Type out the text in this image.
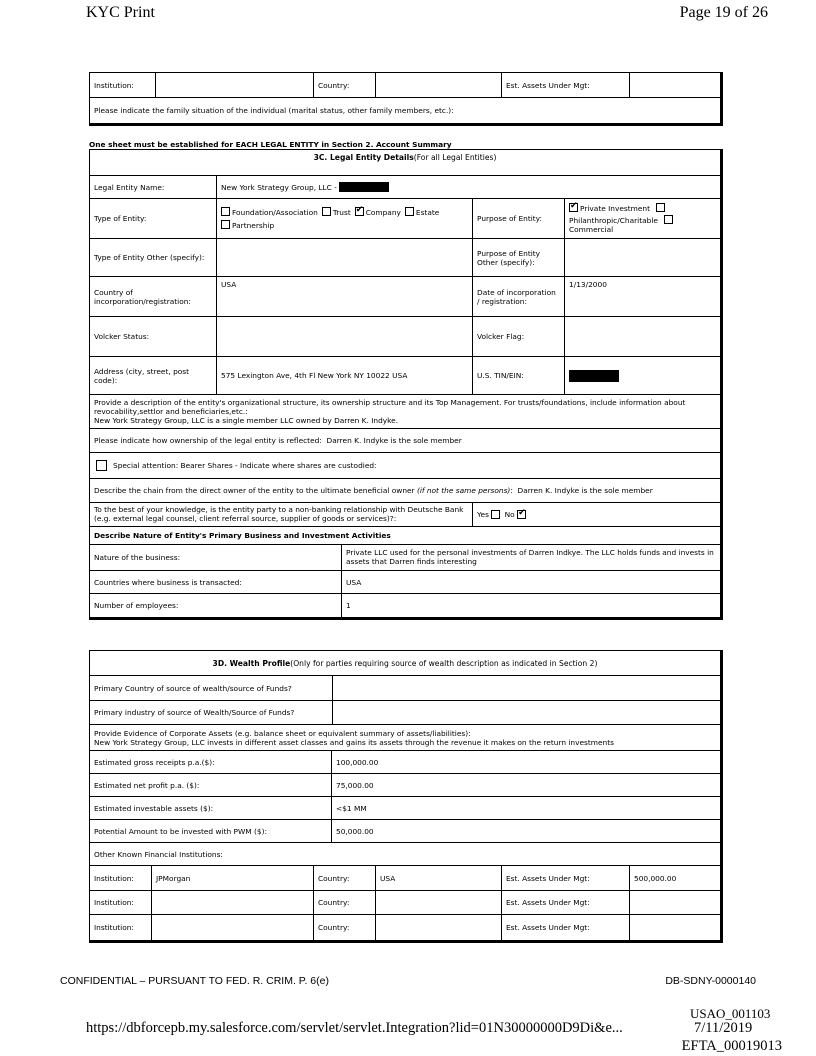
KYC Print	Page 19 of 26
Institution:	Country:	Est. Assets Under Mgt:
Please indicate the family situation of the individual (marital status, other family members, etc.):
One sheet must be established for EACH LEGAL ENTITY in Section 2. Account Summary
3C. Legal Entity Details (For all Legal Entities)
Legal Entity Name:	New York Strategy Group, LLC -

Type of Entity:
Foundation/Association	Trust
✔	Company	Estate
Partnership
Purpose of Entity:
✔Private Investment
Philanthropic/Charitable
Commercial
Type of Entity Other (specify):	Purpose of Entity Other (specify):
Country of incorporation/registration:
USA
Date of incorporation / registration:
1/13/2000
Volcker Status:	Volcker Flag:
Address (city, street, post code):	575 Lexington Ave, 4th Fl New York NY 10022 USA	U.S. TIN/EIN:
Provide a description of the entity's organizational structure, its ownership structure and its Top Management. For trusts/foundations, include information about revocability,settlor and beneficiaries,etc.:
New York Strategy Group, LLC is a single member LLC owned by Darren K. Indyke.
Please indicate how ownership of the legal entity is reflected:
Darren K. Indyke is the sole member
Special attention: Bearer Shares - Indicate where shares are custodied:
Describe the chain from the direct owner of the entity to the ultimate beneficial owner (if not the same persons) :
Darren K. Indyke is the sole member
To the best of your knowledge, is the entity party to a non-banking relationship with Deutsche Bank (e.g. external legal counsel, client referral source, supplier of goods or services)?:	Yes

No

✔
Describe Nature of Entity's Primary Business and Investment Activities
Nature of the business:
Private LLC used for the personal investments of Darren Indkye. The LLC holds funds and invests in assets that Darren finds interesting
Countries where business is transacted:	USA
Number of employees:	1
3D. Wealth Profile (Only for parties requiring source of wealth description as indicated in Section 2)
Primary Country of source of wealth/source of Funds?
Primary industry of source of Wealth/Source of Funds?
Provide Evidence of Corporate Assets (e.g. balance sheet or equivalent summary of assets/liabilities):
New York Strategy Group, LLC invests in different asset classes and gains its assets through the revenue it makes on the return investments
Estimated gross receipts p.a.($):	100,000.00
Estimated net profit p.a. ($):	75,000.00
Estimated investable assets ($):	<$1 MM
Potential Amount to be invested with PWM ($):	50,000.00
Other Known Financial Institutions:
Institution:	JPMorgan	Country:	USA	Est. Assets Under Mgt:	500,000.00
Institution:	Country:	Est. Assets Under Mgt:
Institution:	Country:	Est. Assets Under Mgt:
CONFIDENTIAL – PURSUANT TO FED. R. CRIM. P. 6(e)	DB-SDNY-0000140
USAO_001103
https://dbforcepb.my.salesforce.com/servlet/servlet.Integration?lid=01N30000000D9Di&e...	7/11/2019
EFTA_00019013
